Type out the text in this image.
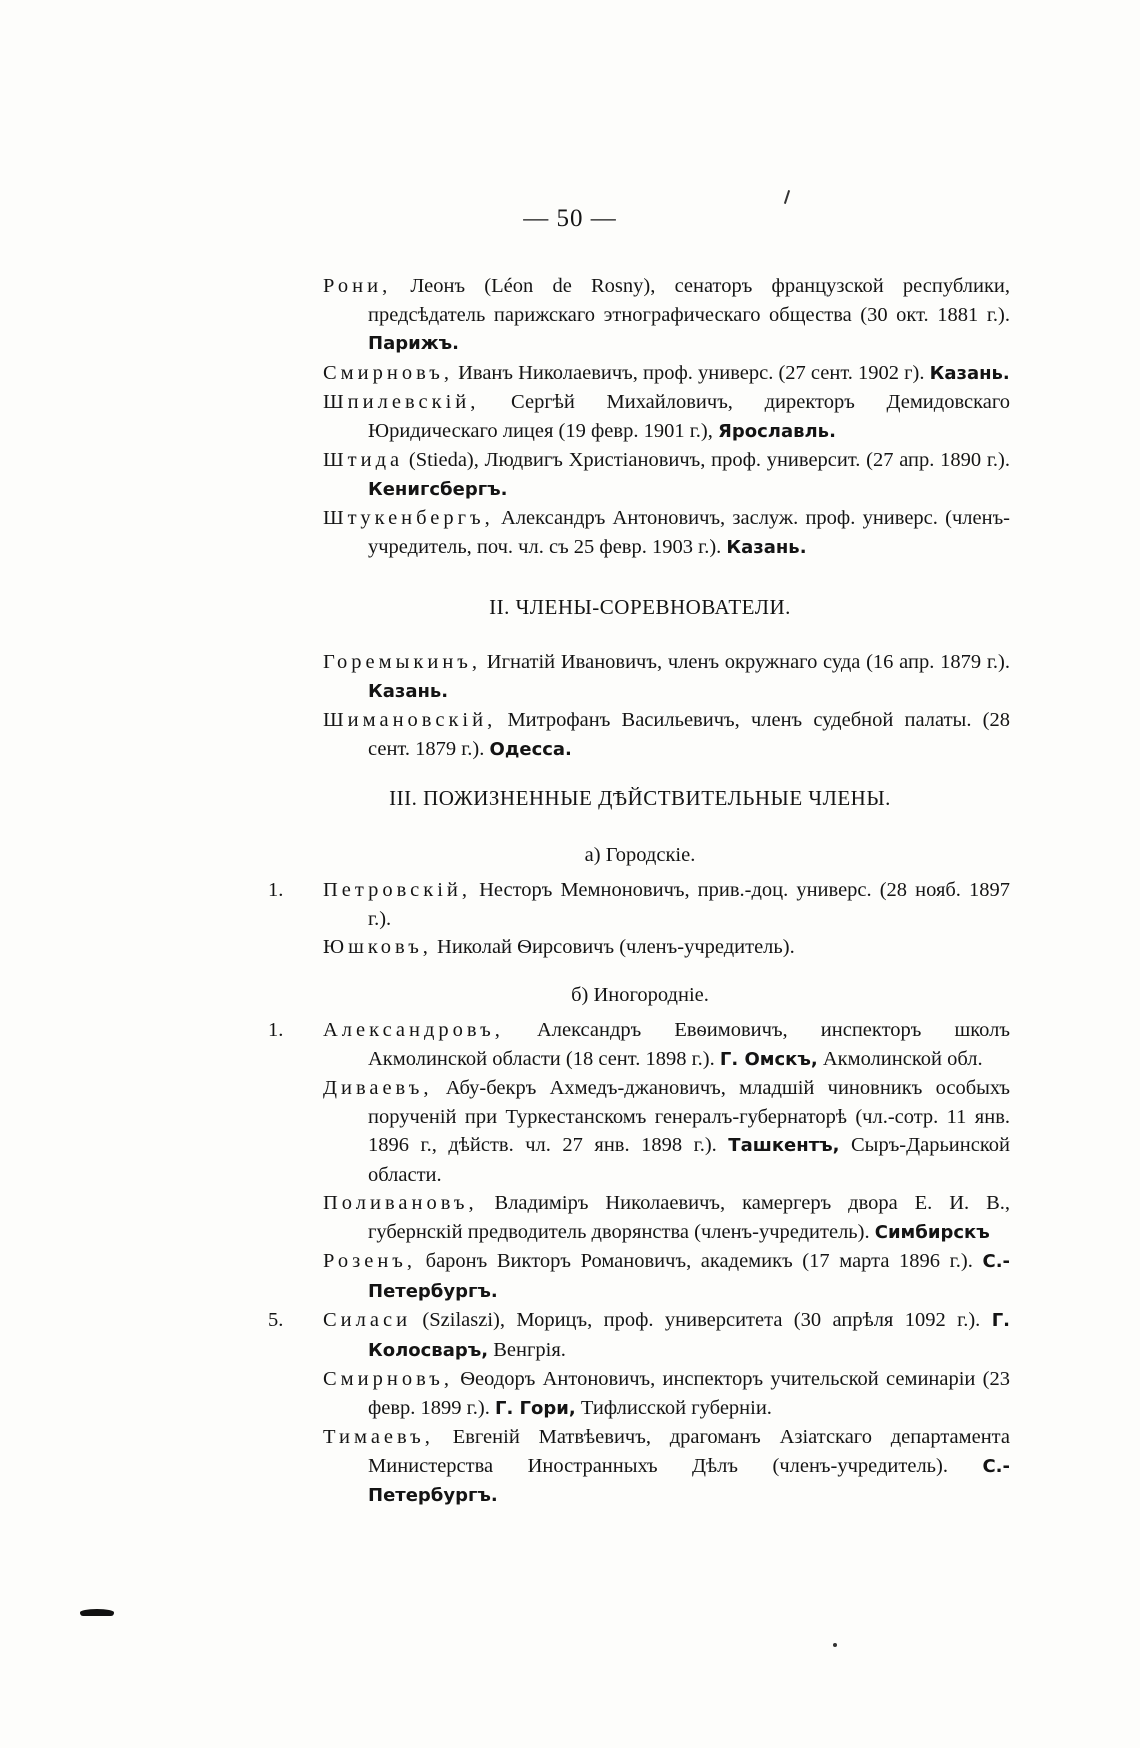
— 50 —
Рони, Леонъ (Léon de Rosny), сенаторъ французской республики, предсѣдатель парижскаго этнографическаго общества (30 окт. 1881 г.). Парижъ.
Смирновъ, Иванъ Николаевичъ, проф. универс. (27 сент. 1902 г). Казань.
Шпилевскій, Сергѣй Михайловичъ, директоръ Демидовскаго Юридическаго лицея (19 февр. 1901 г.), Ярославль.
Штида (Stieda), Людвигъ Христіановичъ, проф. университ. (27 апр. 1890 г.). Кенигсбергъ.
Штукенбергъ, Александръ Антоновичъ, заслуж. проф. универс. (членъ-учредитель, поч. чл. съ 25 февр. 1903 г.). Казань.
II. ЧЛЕНЫ-СОРЕВНОВАТЕЛИ.
Горемыкинъ, Игнатій Ивановичъ, членъ окружнаго суда (16 апр. 1879 г.). Казань.
Шимановскій, Митрофанъ Васильевичъ, членъ судебной палаты. (28 сент. 1879 г.). Одесса.
III. ПОЖИЗНЕННЫЕ ДѢЙСТВИТЕЛЬНЫЕ ЧЛЕНЫ.
а) Городскіе.
1.	Петровскій, Несторъ Мемноновичъ, прив.-доц. универс. (28 нояб. 1897 г.).
Юшковъ, Николай Ѳирсовичъ (членъ-учредитель).
б) Иногородніе.
1.	Александровъ, Александръ Евѳимовичъ, инспекторъ школъ Акмолинской области (18 сент. 1898 г.). Г. Омскъ, Акмолинской обл.
Диваевъ, Абу-бекръ Ахмедъ-джановичъ, младшій чиновникъ особыхъ порученій при Туркестанскомъ генералъ-губернаторѣ (чл.-сотр. 11 янв. 1896 г., дѣйств. чл. 27 янв. 1898 г.). Ташкентъ, Сыръ-Дарьинской области.
Поливановъ, Владиміръ Николаевичъ, камергеръ двора Е. И. В., губернскій предводитель дворянства (членъ-учредитель). Симбирскъ
Розенъ, баронъ Викторъ Романовичъ, академикъ (17 марта 1896 г.). С.-Петербургъ.
5.	Силаси (Szilaszi), Морицъ, проф. университета (30 апрѣля 1092 г.). Г. Колосваръ, Венгрія.
Смирновъ, Ѳеодоръ Антоновичъ, инспекторъ учительской семинаріи (23 февр. 1899 г.). Г. Гори, Тифлисской губерніи.
Тимаевъ, Евгеній Матвѣевичъ, драгоманъ Азіатскаго департамента Министерства Иностранныхъ Дѣлъ (членъ-учредитель). С.-Петербургъ.
